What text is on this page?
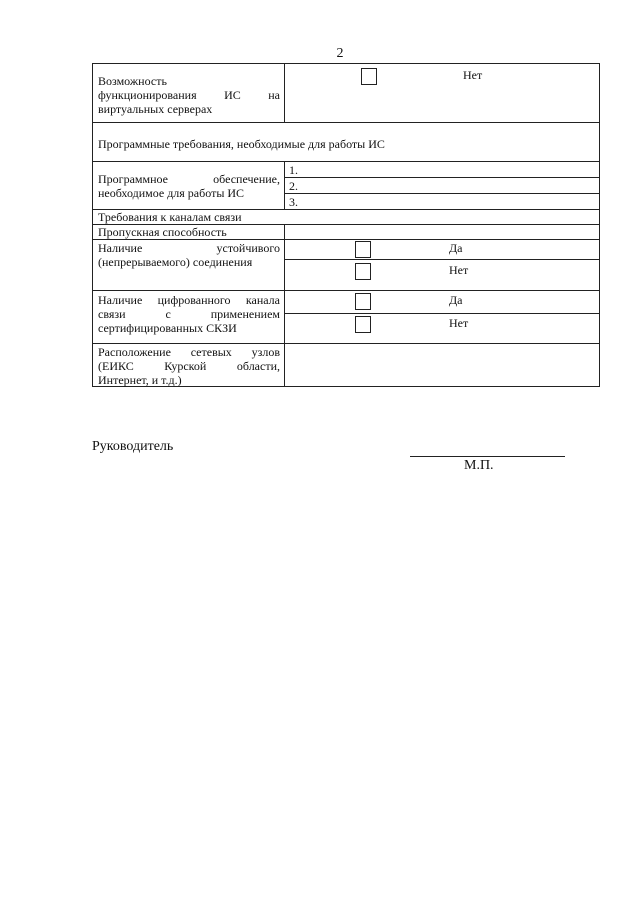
2
Возможность
функционирования ИС на
виртуальных серверах
Нет
Программные требования, необходимые для работы ИС
Программное обеспечение,
необходимое для работы ИС
1.
2.
3.
Требования к каналам связи
Пропускная способность
Наличие устойчивого
(непрерываемого) соединения
Да
Нет
Наличие цифрованного канала
связи с применением
сертифицированных СКЗИ
Да
Нет
Расположение сетевых узлов
(ЕИКС Курской области,
Интернет, и т.д.)
Руководитель
М.П.
